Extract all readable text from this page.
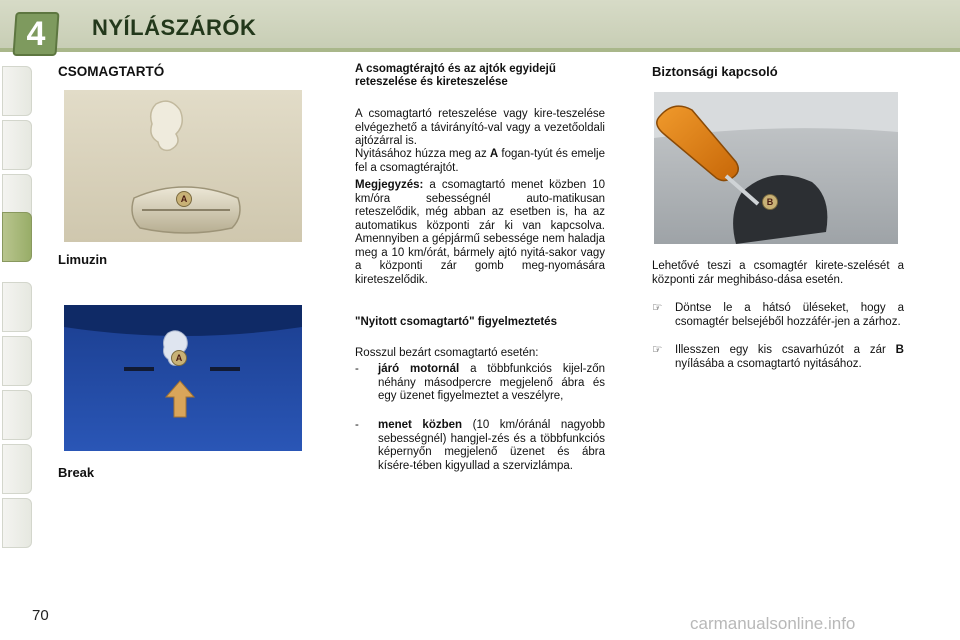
4	NYÍLÁSZÁRÓK
CSOMAGTARTÓ
A
Limuzin
A
Break
A csomagtérajtó és az ajtók egyidejű reteszelése és kireteszelése
A csomagtartó reteszelése vagy kire-teszelése elvégezhető a távirányító-val vagy a vezetőoldali ajtózárral is.
Nyitásához húzza meg az A fogan-tyút és emelje fel a csomagtérajtót.
Megjegyzés: a csomagtartó menet közben 10 km/óra sebességnél auto-matikusan reteszelődik, még abban az esetben is, ha az automatikus központi zár ki van kapcsolva. Amennyiben a gépjármű sebessége nem haladja meg a 10 km/órát, bármely ajtó nyitá-sakor vagy a központi zár gomb meg-nyomására kireteszelődik.
"Nyitott csomagtartó" figyelmeztetés
Rosszul bezárt csomagtartó esetén:
- járó motornál a többfunkciós kijel-zőn néhány másodpercre megjelenő ábra és egy üzenet figyelmeztet a veszélyre,
- menet közben (10 km/óránál nagyobb sebességnél) hangjel-zés és a többfunkciós képernyőn megjelenő üzenet és ábra kísére-tében kigyullad a szervizlámpa.
Biztonsági kapcsoló
B
Lehetővé teszi a csomagtér kirete-szelését a központi zár meghibáso-dása esetén.
☞ Döntse le a hátsó üléseket, hogy a csomagtér belsejéből hozzáfér-jen a zárhoz.
☞ Illesszen egy kis csavarhúzót a zár B nyílásába a csomagtartó nyitásához.
70	carmanualsonline.info
